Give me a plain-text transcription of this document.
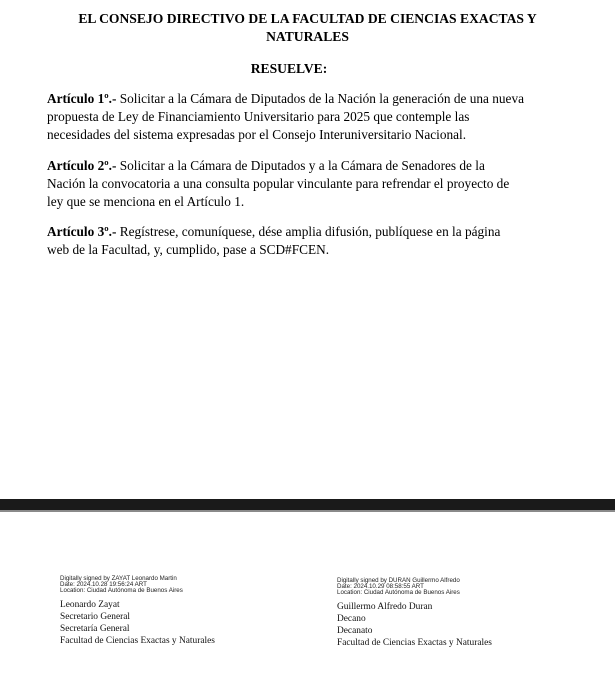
EL CONSEJO DIRECTIVO DE LA FACULTAD DE CIENCIAS EXACTAS Y
NATURALES
RESUELVE:
Artículo 1º.- Solicitar a la Cámara de Diputados de la Nación la generación de una nueva propuesta de Ley de Financiamiento Universitario para 2025 que contemple las necesidades del sistema expresadas por el Consejo Interuniversitario Nacional.
Artículo 2º.- Solicitar a la Cámara de Diputados y a la Cámara de Senadores de la Nación la convocatoria a una consulta popular vinculante para refrendar el proyecto de ley que se menciona en el Artículo 1.
Artículo 3º.- Regístrese, comuníquese, dése amplia difusión, publíquese en la página web de la Facultad, y, cumplido, pase a SCD#FCEN.
Digitally signed by ZAYAT Leonardo Martin
Date: 2024.10.28 19:56:24 ART
Location: Ciudad Autónoma de Buenos Aires
Leonardo Zayat
Secretario General
Secretaría General
Facultad de Ciencias Exactas y Naturales
Digitally signed by DURAN Guillermo Alfredo
Date: 2024.10.29 08:58:55 ART
Location: Ciudad Autónoma de Buenos Aires
Guillermo Alfredo Duran
Decano
Decanato
Facultad de Ciencias Exactas y Naturales
